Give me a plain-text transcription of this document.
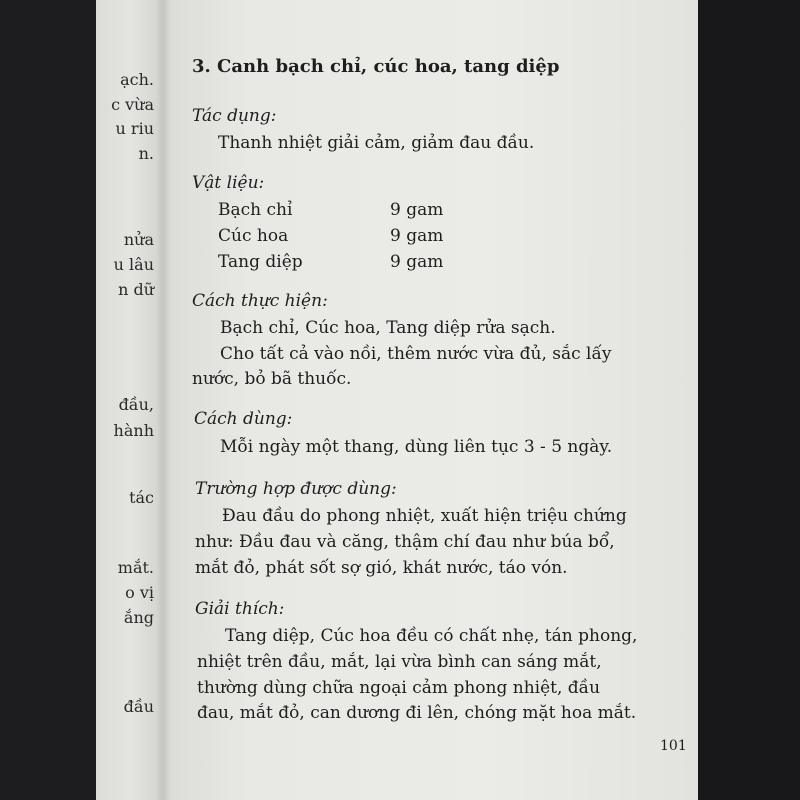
ạch.
c vừa
u riu
n.
nửa
u lâu
n dữ
đầu,
hành
tác
mắt.
o vị
ắng
đầu
3. Canh bạch chỉ, cúc hoa, tang diệp
Tác dụng:
Thanh nhiệt giải cảm, giảm đau đầu.
Vật liệu:
Bạch chỉ	9 gam
Cúc hoa	9 gam
Tang diệp	9 gam
Cách thực hiện:
Bạch chỉ, Cúc hoa, Tang diệp rửa sạch.
Cho tất cả vào nồi, thêm nước vừa đủ, sắc lấy
nước, bỏ bã thuốc.
Cách dùng:
Mỗi ngày một thang, dùng liên tục 3 - 5 ngày.
Trường hợp được dùng:
Đau đầu do phong nhiệt, xuất hiện triệu chứng
như: Đầu đau và căng, thậm chí đau như búa bổ,
mắt đỏ, phát sốt sợ gió, khát nước, táo vón.
Giải thích:
Tang diệp, Cúc hoa đều có chất nhẹ, tán phong,
nhiệt trên đầu, mắt, lại vừa bình can sáng mắt,
thường dùng chữa ngoại cảm phong nhiệt, đầu
đau, mắt đỏ, can dương đi lên, chóng mặt hoa mắt.
101
